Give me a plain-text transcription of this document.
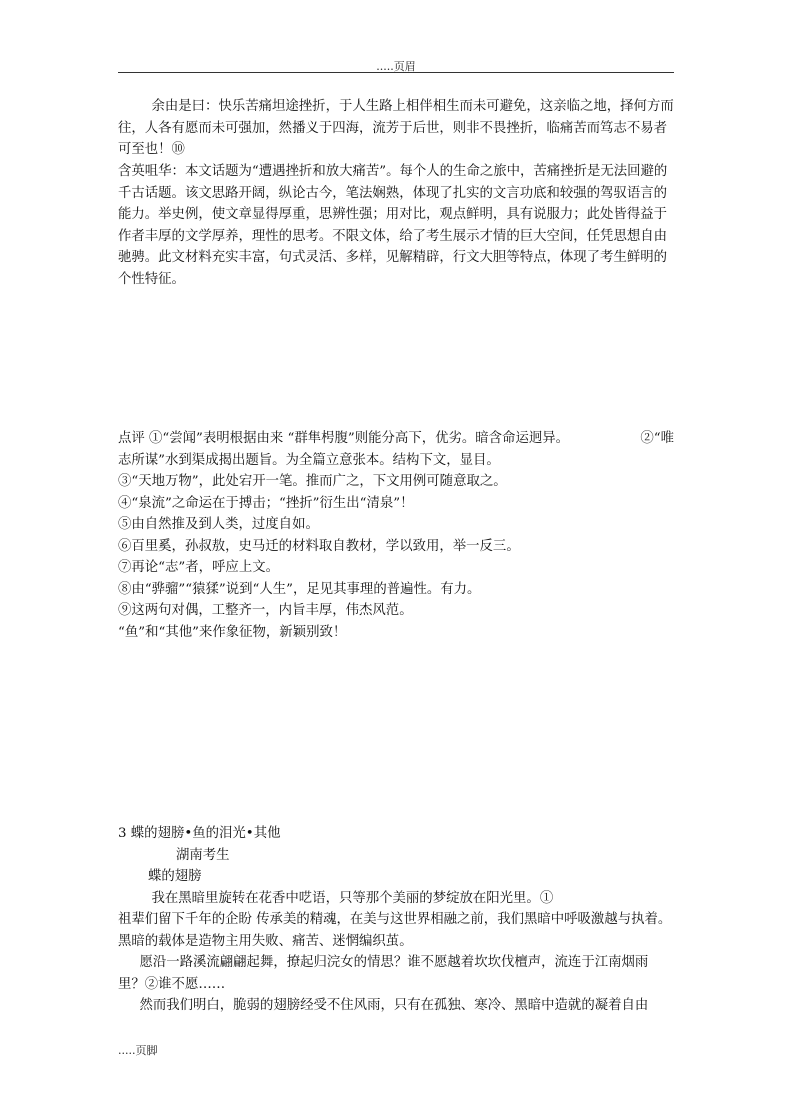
.....页眉

余由是曰：快乐苦痛坦途挫折，于人生路上相伴相生而未可避免，这亲临之地，择何方而往，人各有愿而未可强加，然播义于四海，流芳于后世，则非不畏挫折，临痛苦而笃志不易者可至也！⑩

含英咀华：本文话题为“遭遇挫折和放大痛苦”。每个人的生命之旅中，苦痛挫折是无法回避的千古话题。该文思路开阔，纵论古今，笔法娴熟，体现了扎实的文言功底和较强的驾驭语言的能力。举史例，使文章显得厚重，思辨性强；用对比，观点鲜明，具有说服力；此处皆得益于作者丰厚的文学厚养，理性的思考。不限文体，给了考生展示才情的巨大空间，任凭思想自由驰骋。此文材料充实丰富，句式灵活、多样，见解精辟，行文大胆等特点，体现了考生鲜明的个性特征。

点评 ①“尝闻”表明根据由来 “群隼枵腹”则能分高下，优劣。暗含命运迥异。	②“唯

志所谋”水到渠成揭出题旨。为全篇立意张本。结构下文，显目。

③“天地万物”，此处宕开一笔。推而广之，下文用例可随意取之。

④“泉流”之命运在于搏击；“挫折”衍生出“清泉”！

⑤由自然推及到人类，过度自如。

⑥百里奚，孙叔敖，史马迁的材料取自教材，学以致用，举一反三。

⑦再论“志”者，呼应上文。

⑧由“骅骝”“猿猱”说到“人生”，足见其事理的普遍性。有力。

⑨这两句对偶，工整齐一，内旨丰厚，伟杰风范。

“鱼”和“其他”来作象征物，新颖别致！

3 蝶的翅膀•鱼的泪光•其他

湖南考生

蝶的翅膀

我在黑暗里旋转在花香中呓语，只等那个美丽的梦绽放在阳光里。①

祖辈们留下千年的企盼 传承美的精魂，在美与这世界相融之前，我们黑暗中呼吸激越与执着。黑暗的载体是造物主用失败、痛苦、迷惘编织茧。

愿沿一路溪流翩翩起舞，撩起归浣女的情思？谁不愿越着坎坎伐檀声，流连于江南烟雨里？②谁不愿……

然而我们明白，脆弱的翅膀经受不住风雨，只有在孤独、寒冷、黑暗中造就的凝着自由

.....页脚
